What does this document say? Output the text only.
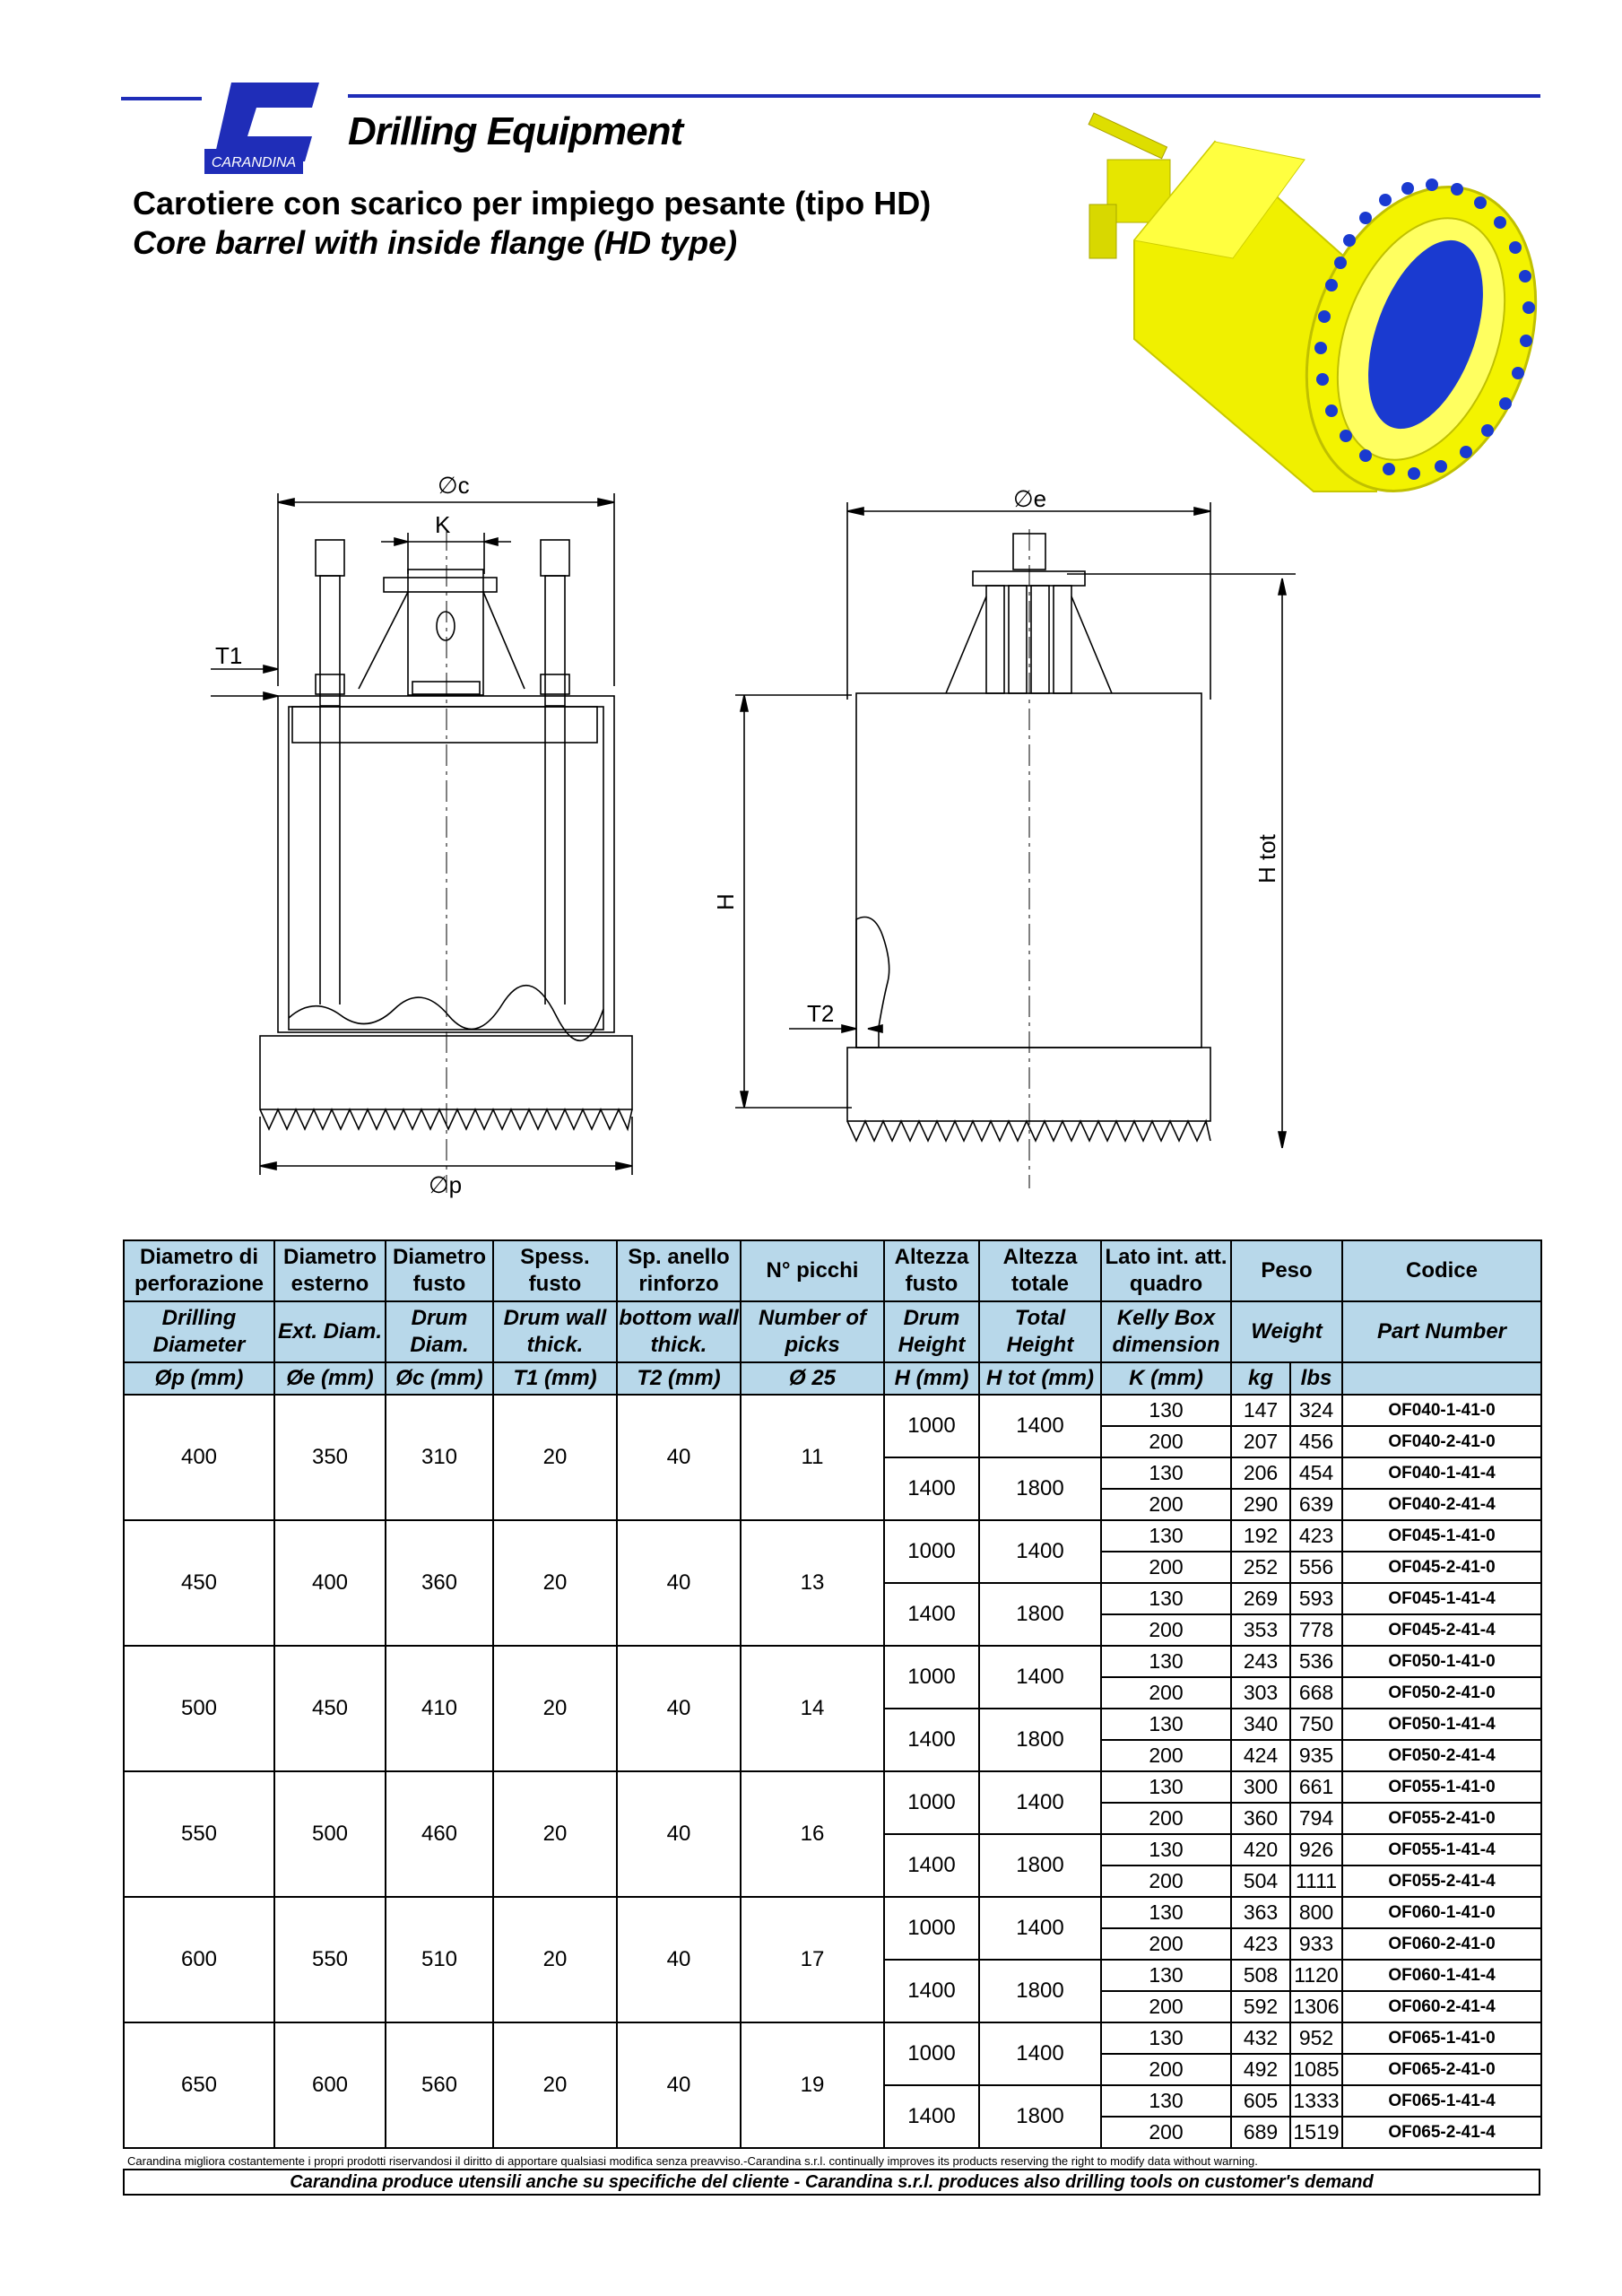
CARANDINA
Drilling Equipment
Carotiere con scarico per impiego pesante (tipo HD)
Core barrel with inside flange (HD type)
∅c
K
T1
∅p
T2
∅e
H
H tot
Diametro di perforazione	Diametro esterno	Diametro fusto	Spess. fusto	Sp. anello rinforzo	N° picchi	Altezza fusto	Altezza totale	Lato int. att. quadro	Peso		Codice
Drilling Diameter	Ext. Diam.	Drum Diam.	Drum wall thick.	bottom wall thick.	Number of picks	Drum Height	Total Height	Kelly Box dimension	Weight		Part Number
Øp (mm)	Øe (mm)	Øc (mm)	T1 (mm)	T2 (mm)	Ø 25	H (mm)	H tot (mm)	K (mm)	kg	lbs	
400	350	310	20	40	11	1000	1400	130	147	324	OF040-1-41-0
								200	207	456	OF040-2-41-0
						1400	1800	130	206	454	OF040-1-41-4
								200	290	639	OF040-2-41-4
450	400	360	20	40	13	1000	1400	130	192	423	OF045-1-41-0
								200	252	556	OF045-2-41-0
						1400	1800	130	269	593	OF045-1-41-4
								200	353	778	OF045-2-41-4
500	450	410	20	40	14	1000	1400	130	243	536	OF050-1-41-0
								200	303	668	OF050-2-41-0
						1400	1800	130	340	750	OF050-1-41-4
								200	424	935	OF050-2-41-4
550	500	460	20	40	16	1000	1400	130	300	661	OF055-1-41-0
								200	360	794	OF055-2-41-0
						1400	1800	130	420	926	OF055-1-41-4
								200	504	1111	OF055-2-41-4
600	550	510	20	40	17	1000	1400	130	363	800	OF060-1-41-0
								200	423	933	OF060-2-41-0
						1400	1800	130	508	1120	OF060-1-41-4
								200	592	1306	OF060-2-41-4
650	600	560	20	40	19	1000	1400	130	432	952	OF065-1-41-0
								200	492	1085	OF065-2-41-0
						1400	1800	130	605	1333	OF065-1-41-4
								200	689	1519	OF065-2-41-4
Carandina migliora costantemente i propri prodotti riservandosi il diritto di apportare qualsiasi modifica senza preavviso.-Carandina s.r.l. continually improves its products reserving the right to modify data without warning.
Carandina produce utensili anche su specifiche del cliente - Carandina s.r.l. produces also drilling tools on customer's demand
